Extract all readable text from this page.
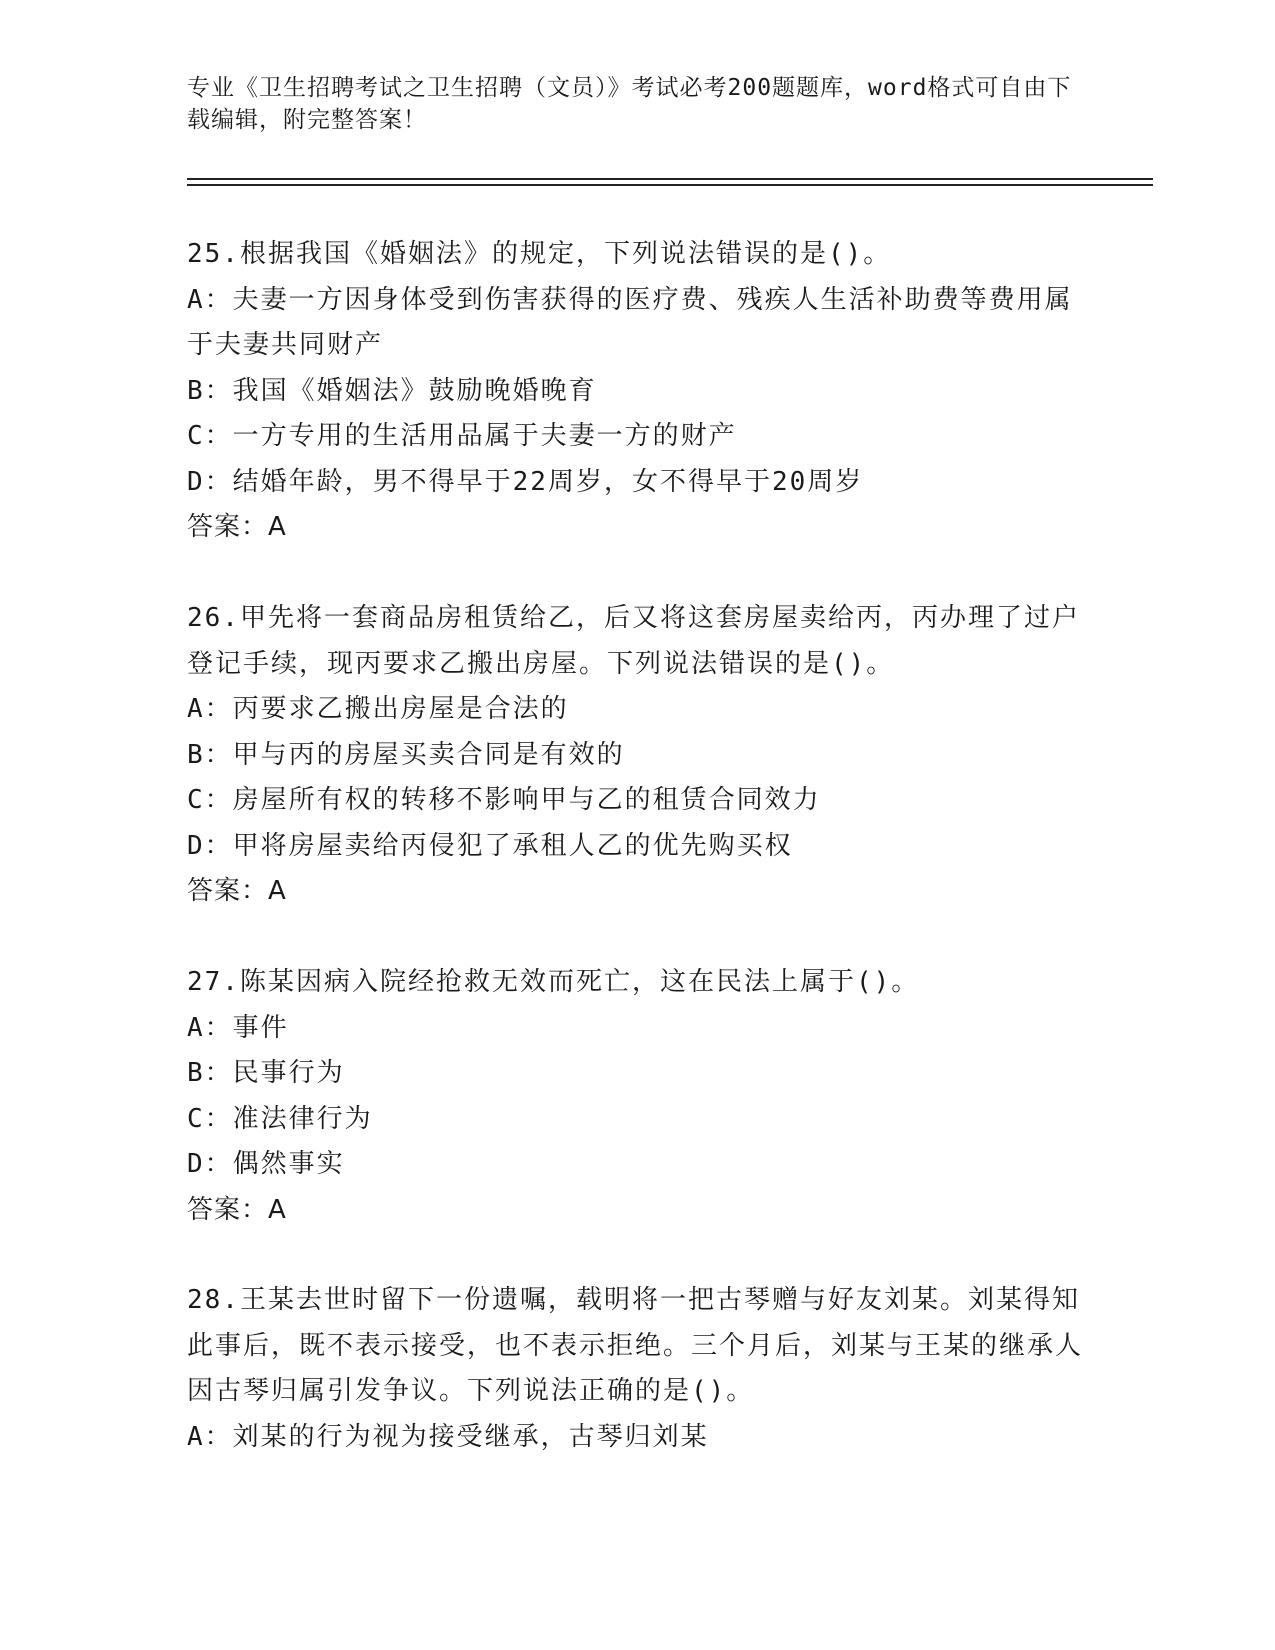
专业《卫生招聘考试之卫生招聘（文员）》考试必考200题题库，word格式可自由下载编辑，附完整答案！

25.根据我国《婚姻法》的规定，下列说法错误的是()。

A：夫妻一方因身体受到伤害获得的医疗费、残疾人生活补助费等费用属于夫妻共同财产

B：我国《婚姻法》鼓励晚婚晚育

C：一方专用的生活用品属于夫妻一方的财产

D：结婚年龄，男不得早于22周岁，女不得早于20周岁

答案：A

26.甲先将一套商品房租赁给乙，后又将这套房屋卖给丙，丙办理了过户登记手续，现丙要求乙搬出房屋。下列说法错误的是()。

A：丙要求乙搬出房屋是合法的

B：甲与丙的房屋买卖合同是有效的

C：房屋所有权的转移不影响甲与乙的租赁合同效力

D：甲将房屋卖给丙侵犯了承租人乙的优先购买权

答案：A

27.陈某因病入院经抢救无效而死亡，这在民法上属于()。

A：事件

B：民事行为

C：准法律行为

D：偶然事实

答案：A

28.王某去世时留下一份遗嘱，载明将一把古琴赠与好友刘某。刘某得知此事后，既不表示接受，也不表示拒绝。三个月后，刘某与王某的继承人因古琴归属引发争议。下列说法正确的是()。

A：刘某的行为视为接受继承，古琴归刘某
